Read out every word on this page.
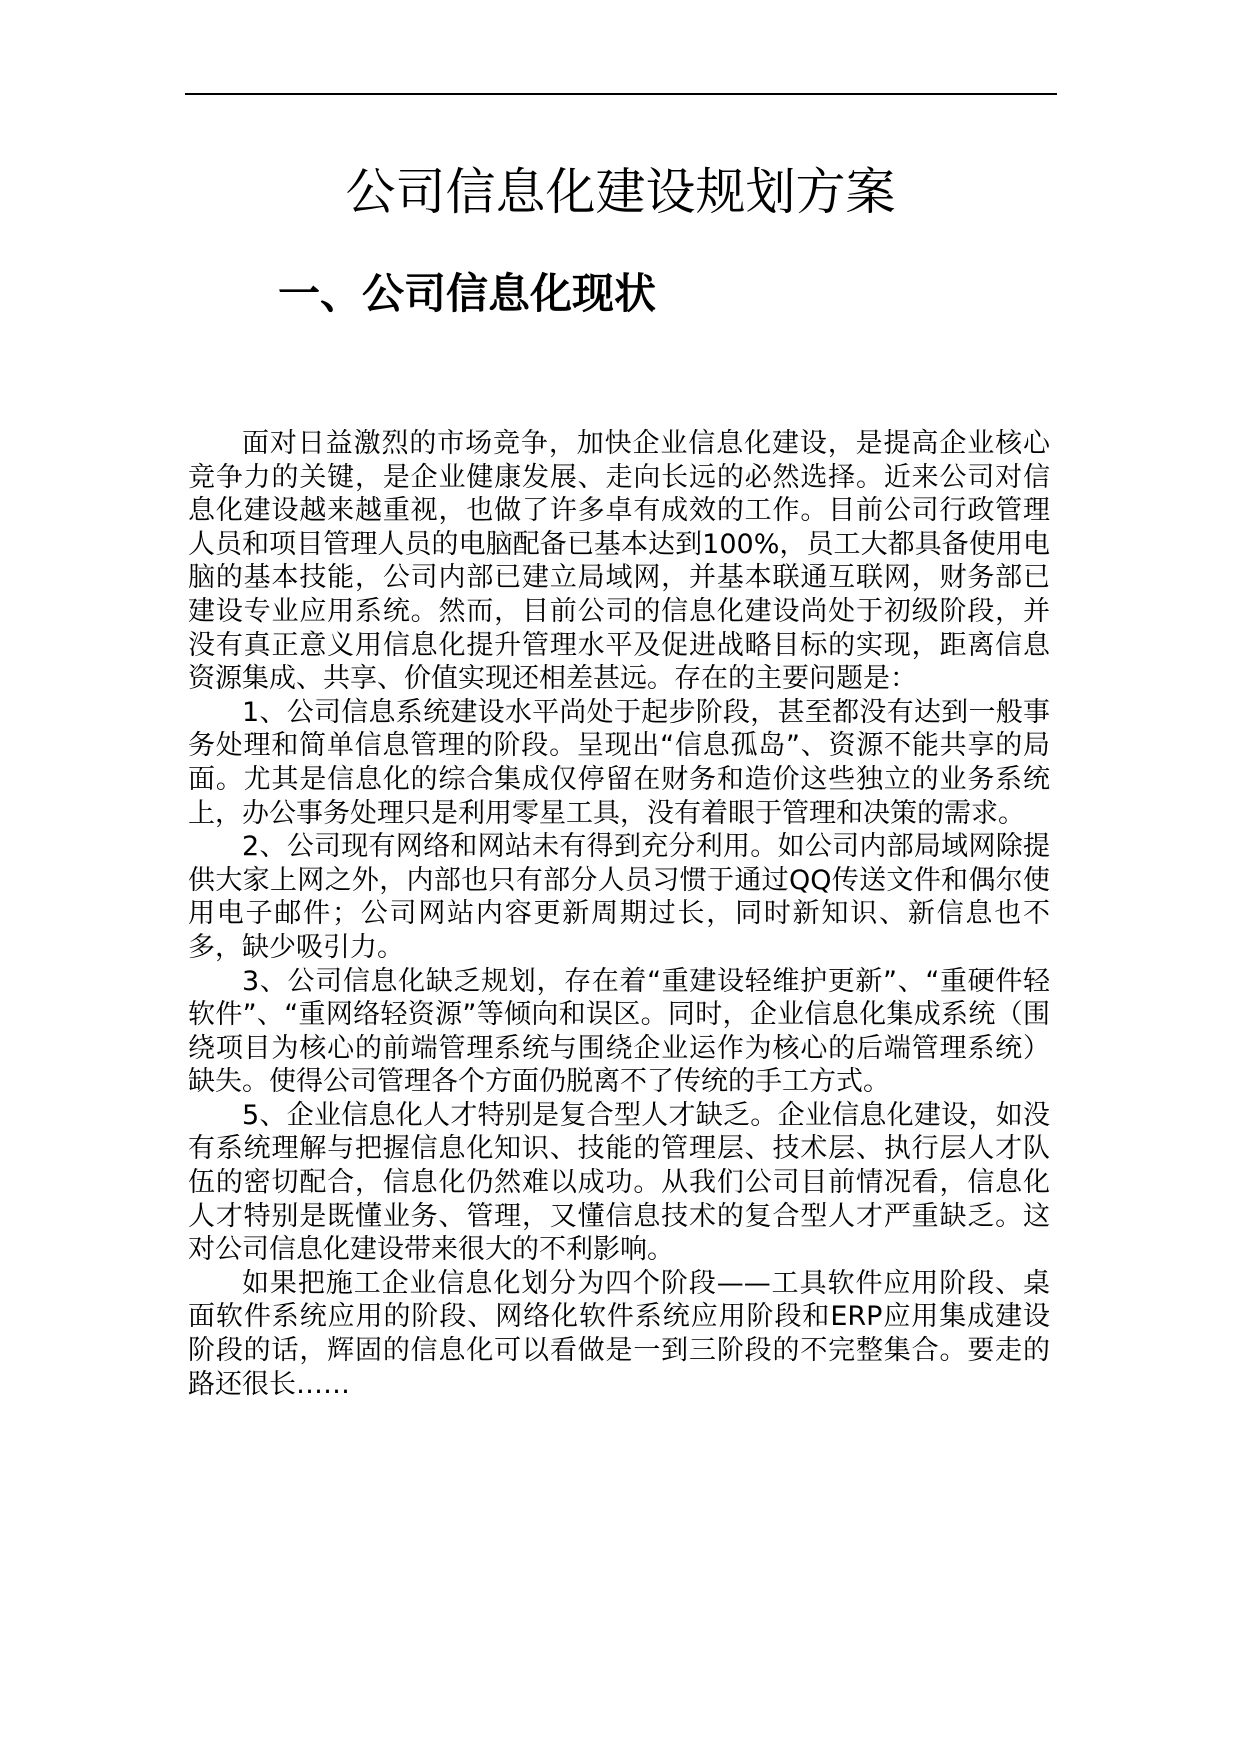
公司信息化建设规划方案
一、公司信息化现状

面对日益激烈的市场竞争，加快企业信息化建设，是提高企业核心竞争力的关键，是企业健康发展、走向长远的必然选择。近来公司对信息化建设越来越重视，也做了许多卓有成效的工作。目前公司行政管理人员和项目管理人员的电脑配备已基本达到100%，员工大都具备使用电脑的基本技能，公司内部已建立局域网，并基本联通互联网，财务部已建设专业应用系统。然而，目前公司的信息化建设尚处于初级阶段，并没有真正意义用信息化提升管理水平及促进战略目标的实现，距离信息资源集成、共享、价值实现还相差甚远。存在的主要问题是：

1、公司信息系统建设水平尚处于起步阶段，甚至都没有达到一般事务处理和简单信息管理的阶段。呈现出“信息孤岛”、资源不能共享的局面。尤其是信息化的综合集成仅停留在财务和造价这些独立的业务系统上，办公事务处理只是利用零星工具，没有着眼于管理和决策的需求。

2、公司现有网络和网站未有得到充分利用。如公司内部局域网除提供大家上网之外，内部也只有部分人员习惯于通过QQ传送文件和偶尔使用电子邮件；公司网站内容更新周期过长，同时新知识、新信息也不多，缺少吸引力。

3、公司信息化缺乏规划，存在着“重建设轻维护更新”、“重硬件轻软件”、“重网络轻资源”等倾向和误区。同时，企业信息化集成系统（围绕项目为核心的前端管理系统与围绕企业运作为核心的后端管理系统）缺失。使得公司管理各个方面仍脱离不了传统的手工方式。

5、企业信息化人才特别是复合型人才缺乏。企业信息化建设，如没有系统理解与把握信息化知识、技能的管理层、技术层、执行层人才队伍的密切配合，信息化仍然难以成功。从我们公司目前情况看，信息化人才特别是既懂业务、管理，又懂信息技术的复合型人才严重缺乏。这对公司信息化建设带来很大的不利影响。

如果把施工企业信息化划分为四个阶段——工具软件应用阶段、桌面软件系统应用的阶段、网络化软件系统应用阶段和ERP应用集成建设阶段的话，辉固的信息化可以看做是一到三阶段的不完整集合。要走的路还很长……
